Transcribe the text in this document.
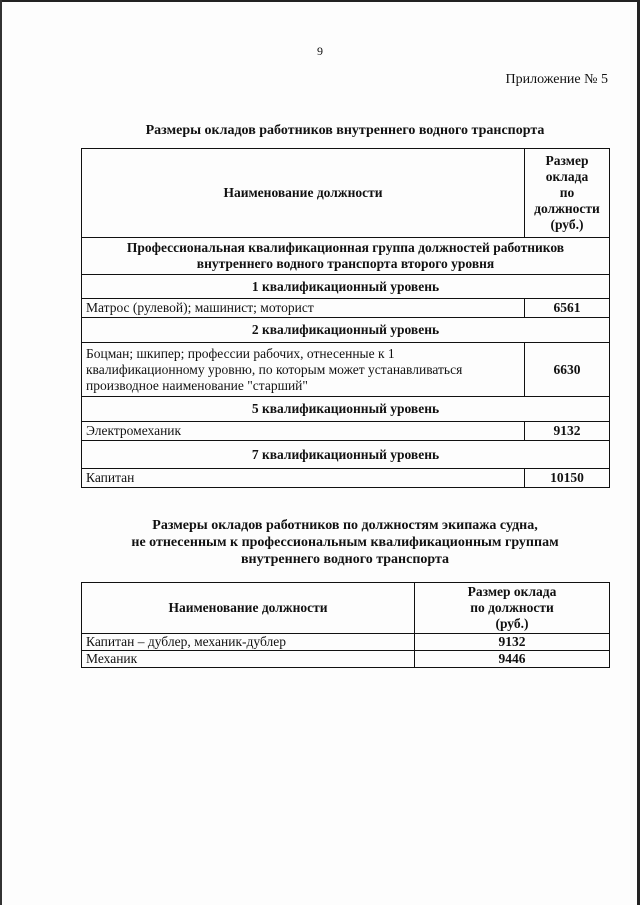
9
Приложение № 5
Размеры окладов работников внутреннего водного транспорта
Наименование должности	Размер
оклада
по
должности
(руб.)

Профессиональная квалификационная группа должностей работников
внутреннего водного транспорта второго уровня	

1 квалификационный уровень	
Матрос (рулевой); машинист; моторист	6561
2 квалификационный уровень	

Боцман; шкипер; профессии рабочих, отнесенные к 1
квалификационному уровню, по которым может устанавливаться
производное наименование "старший"	6630
5 квалификационный уровень	
Электромеханик	9132
7 квалификационный уровень	
Капитан	10150
Размеры окладов работников по должностям экипажа судна,
не отнесенным к профессиональным квалификационным группам
внутреннего водного транспорта
Наименование должности	Размер оклада
по должности
(руб.)

Капитан – дублер, механик-дублер	9132
Механик	9446
